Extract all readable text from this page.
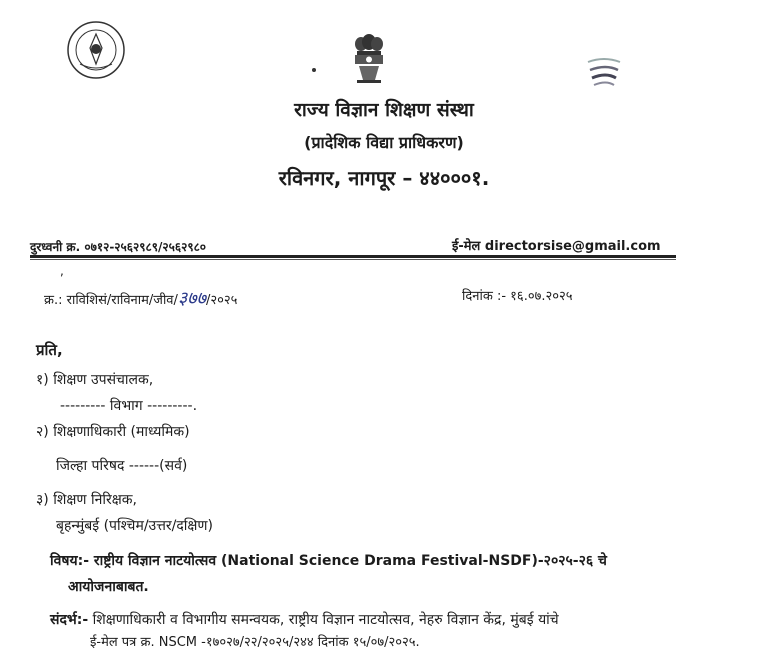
राज्य विज्ञान शिक्षण संस्था
(प्रादेशिक विद्या प्राधिकरण)
रविनगर, नागपूर – ४४०००१.
दुरध्वनी क्र. ०७१२-२५६२९८९/२५६२९८०	ई-मेल directorsise@gmail.com
,
क्र.: राविशिसं/राविनाम/जीव/३७७/२०२५	दिनांक :- १६.०७.२०२५
प्रति,
१) शिक्षण उपसंचालक,
--------- विभाग ---------.
२) शिक्षणाधिकारी (माध्यमिक)
जिल्हा परिषद ------(सर्व)
३) शिक्षण निरिक्षक,
बृहन्मुंबई (पश्चिम/उत्तर/दक्षिण)
विषय:- राष्ट्रीय विज्ञान नाटयोत्सव (National Science Drama Festival-NSDF)-२०२५-२६ चे
आयोजनाबाबत.
संदर्भ:- शिक्षणाधिकारी व विभागीय समन्वयक, राष्ट्रीय विज्ञान नाटयोत्सव, नेहरु विज्ञान केंद्र, मुंबई यांचे
ई-मेल पत्र क्र. NSCM -१७०२७/२२/२०२५/२४४ दिनांक १५/०७/२०२५.
